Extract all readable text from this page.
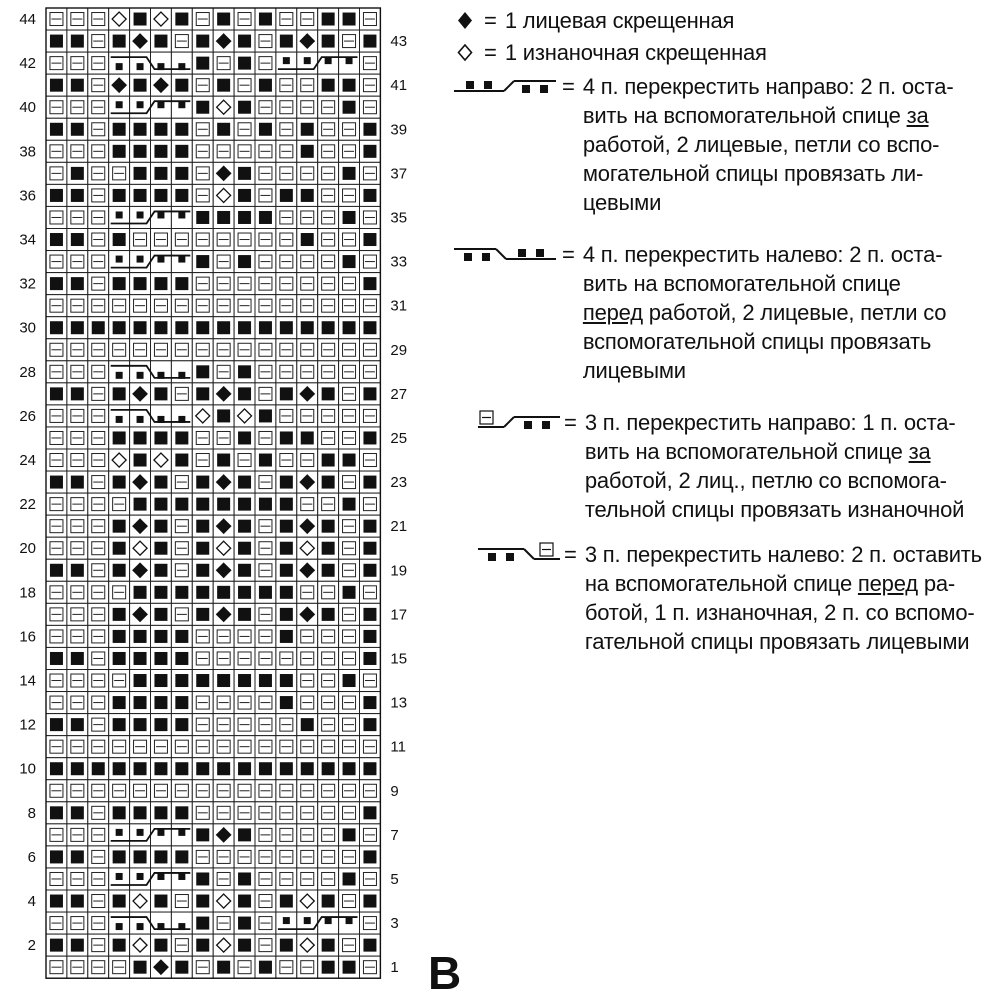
44
42
40
38
36
34
32
30
28
26
24
22
20
18
16
14
12
10
8
6
4
2
43
41
39
37
35
33
31
29
27
25
23
21
19
17
15
13
11
9
7
5
3
1 B
= 1 лицевая скрещенная
= 1 изнаночная скрещенная
= 4 п. перекрестить направо: 2 п. оста-
вить на вспомогательной спице за
работой, 2 лицевые, петли со вспо-
могательной спицы провязать ли-
цевыми
= 4 п. перекрестить налево: 2 п. оста-
вить на вспомогательной спице
перед работой, 2 лицевые, петли со
вспомогательной спицы провязать
лицевыми
= 3 п. перекрестить направо: 1 п. оста-
вить на вспомогательной спице за
работой, 2 лиц., петлю со вспомога-
тельной спицы провязать изнаночной
= 3 п. перекрестить налево: 2 п. оставить
на вспомогательной спице перед ра-
ботой, 1 п. изнаночная, 2 п. со вспомо-
гательной спицы провязать лицевыми
